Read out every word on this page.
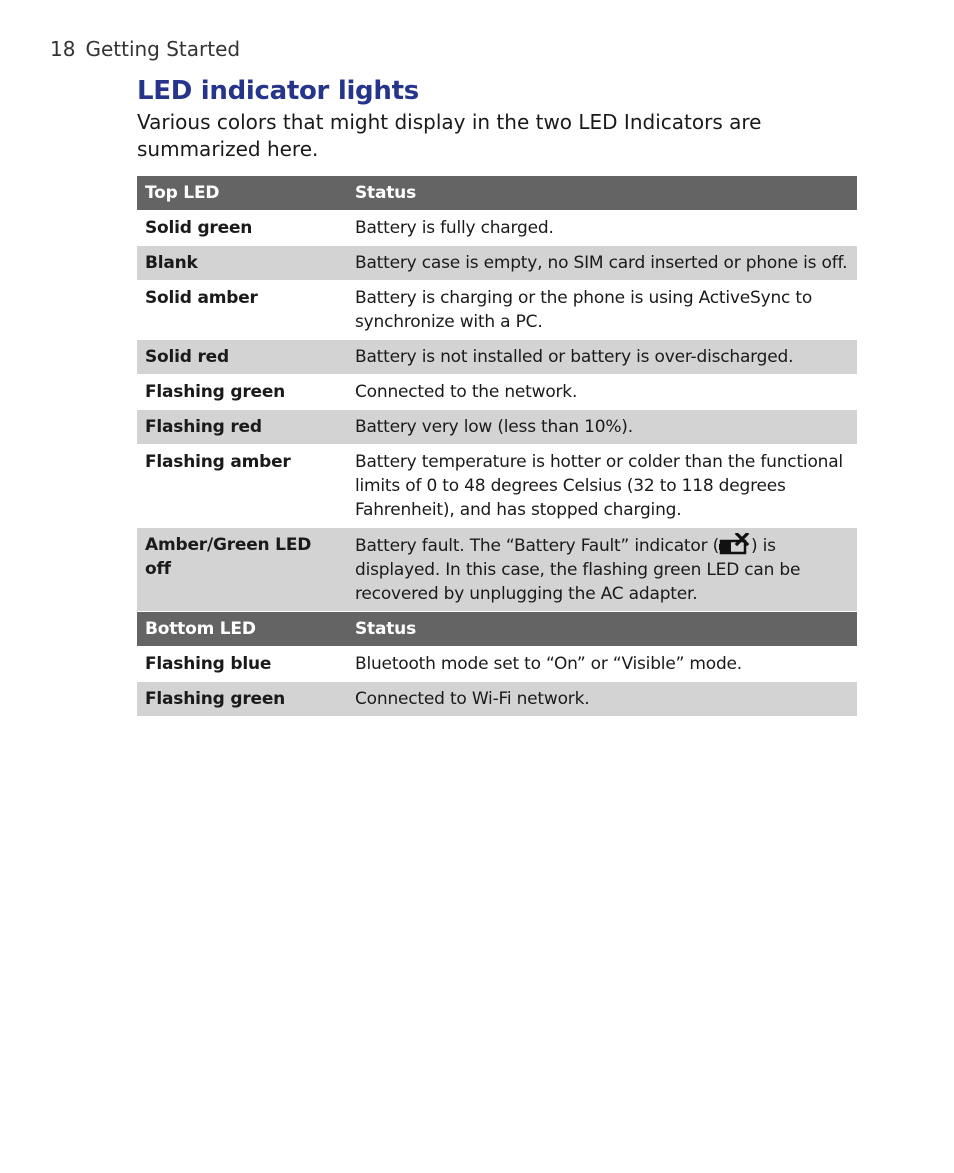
18 Getting Started
LED indicator lights

Various colors that might display in the two LED Indicators are summarized here.

Top LED	Status
Solid green	Battery is fully charged.
Blank	Battery case is empty, no SIM card inserted or phone is off.
Solid amber	Battery is charging or the phone is using ActiveSync to synchronize with a PC.
Solid red	Battery is not installed or battery is over-discharged.
Flashing green	Connected to the network.
Flashing red	Battery very low (less than 10%).
Flashing amber	Battery temperature is hotter or colder than the functional limits of 0 to 48 degrees Celsius (32 to 118 degrees Fahrenheit), and has stopped charging.
Amber/Green LED off	Battery fault. The “Battery Fault” indicator ( ) is displayed. In this case, the flashing green LED can be recovered by unplugging the AC adapter.
Bottom LED	Status
Flashing blue	Bluetooth mode set to “On” or “Visible” mode.
Flashing green	Connected to Wi-Fi network.
